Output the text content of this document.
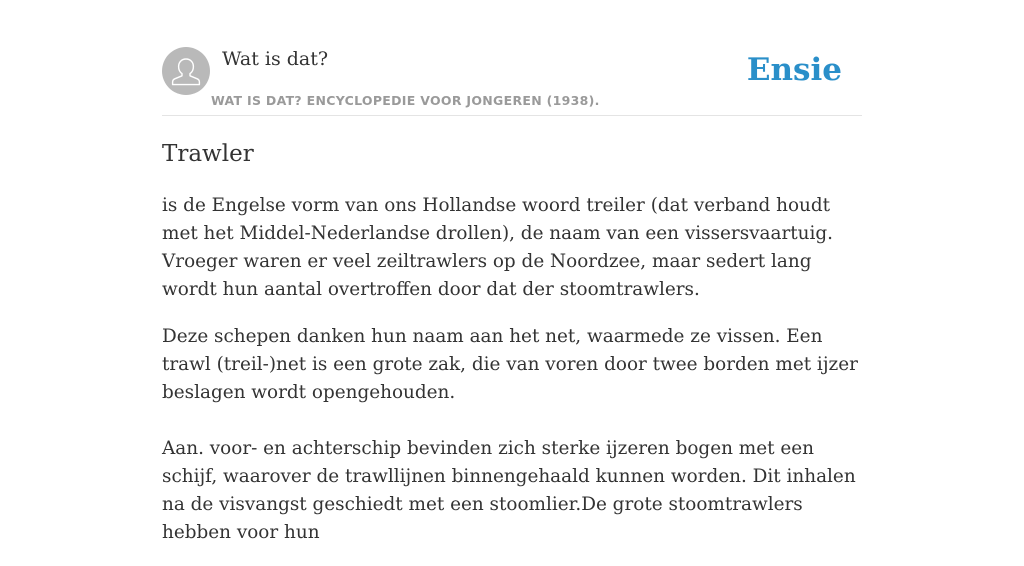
Wat is dat?
WAT IS DAT? ENCYCLOPEDIE VOOR JONGEREN (1938).
Ensie
Trawler

is de Engelse vorm van ons Hollandse woord treiler (dat verband houdt met het Middel-Nederlandse drollen), de naam van een vissersvaartuig. Vroeger waren er veel zeiltrawlers op de Noordzee, maar sedert lang wordt hun aantal overtroffen door dat der stoomtrawlers.

Deze schepen danken hun naam aan het net, waarmede ze vissen. Een trawl (treil-)net is een grote zak, die van voren door twee borden met ijzer beslagen wordt opengehouden.

Aan. voor- en achterschip bevinden zich sterke ijzeren bogen met een schijf, waarover de trawllijnen binnengehaald kunnen worden. Dit inhalen na de visvangst geschiedt met een stoomlier.De grote stoomtrawlers hebben voor hun
